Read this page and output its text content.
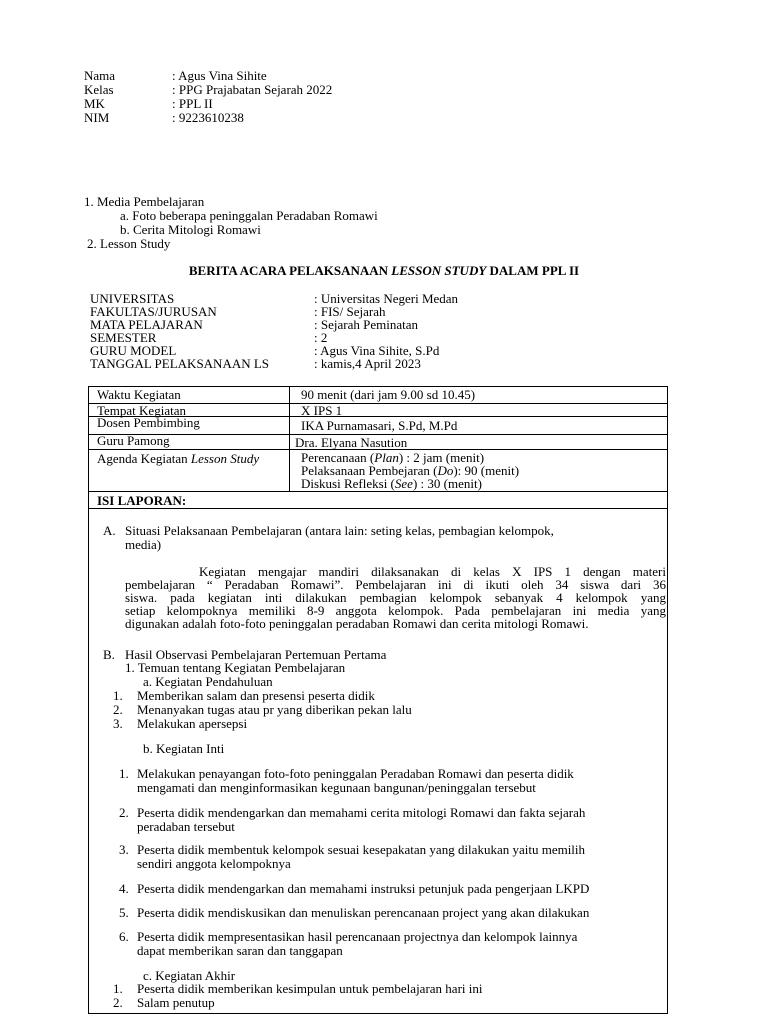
Nama	: Agus Vina Sihite
Kelas	: PPG Prajabatan Sejarah 2022
MK	: PPL II
NIM	: 9223610238
1. Media Pembelajaran
a. Foto beberapa peninggalan Peradaban Romawi
b. Cerita Mitologi Romawi
2. Lesson Study
BERITA ACARA PELAKSANAAN LESSON STUDY DALAM PPL II
UNIVERSITAS	: Universitas Negeri Medan
FAKULTAS/JURUSAN	: FIS/ Sejarah
MATA PELAJARAN	: Sejarah Peminatan
SEMESTER	: 2
GURU MODEL	: Agus Vina Sihite, S.Pd
TANGGAL PELAKSANAAN LS	: kamis,4 April 2023
Waktu Kegiatan	90 menit (dari jam 9.00 sd 10.45)
Tempat Kegiatan	X IPS 1
Dosen Pembimbing	IKA Purnamasari, S.Pd, M.Pd
Guru Pamong	Dra. Elyana Nasution
Agenda Kegiatan Lesson Study	Perencanaan (Plan) : 2 jam (menit)
Pelaksanaan Pembejaran (Do): 90 (menit)
Diskusi Refleksi (See) : 30 (menit)
ISI LAPORAN:
A. Situasi Pelaksanaan Pembelajaran (antara lain: seting kelas, pembagian kelompok,
media)
Kegiatan mengajar mandiri dilaksanakan di kelas X IPS 1 dengan materi
pembelajaran “ Peradaban Romawi”. Pembelajaran ini di ikuti oleh 34 siswa dari 36
siswa. pada kegiatan inti dilakukan pembagian kelompok sebanyak 4 kelompok yang
setiap kelompoknya memiliki 8-9 anggota kelompok. Pada pembelajaran ini media yang
digunakan adalah foto-foto peninggalan peradaban Romawi dan cerita mitologi Romawi.
B. Hasil Observasi Pembelajaran Pertemuan Pertama
1. Temuan tentang Kegiatan Pembelajaran
a. Kegiatan Pendahuluan
1. Memberikan salam dan presensi peserta didik
2. Menanyakan tugas atau pr yang diberikan pekan lalu
3. Melakukan apersepsi
b. Kegiatan Inti
1. Melakukan penayangan foto-foto peninggalan Peradaban Romawi dan peserta didik
mengamati dan menginformasikan kegunaan bangunan/peninggalan tersebut
2. Peserta didik mendengarkan dan memahami cerita mitologi Romawi dan fakta sejarah
peradaban tersebut
3. Peserta didik membentuk kelompok sesuai kesepakatan yang dilakukan yaitu memilih
sendiri anggota kelompoknya
4. Peserta didik mendengarkan dan memahami instruksi petunjuk pada pengerjaan LKPD
5. Peserta didik mendiskusikan dan menuliskan perencanaan project yang akan dilakukan
6. Peserta didik mempresentasikan hasil perencanaan projectnya dan kelompok lainnya
dapat memberikan saran dan tanggapan
c. Kegiatan Akhir
1. Peserta didik memberikan kesimpulan untuk pembelajaran hari ini
2. Salam penutup
